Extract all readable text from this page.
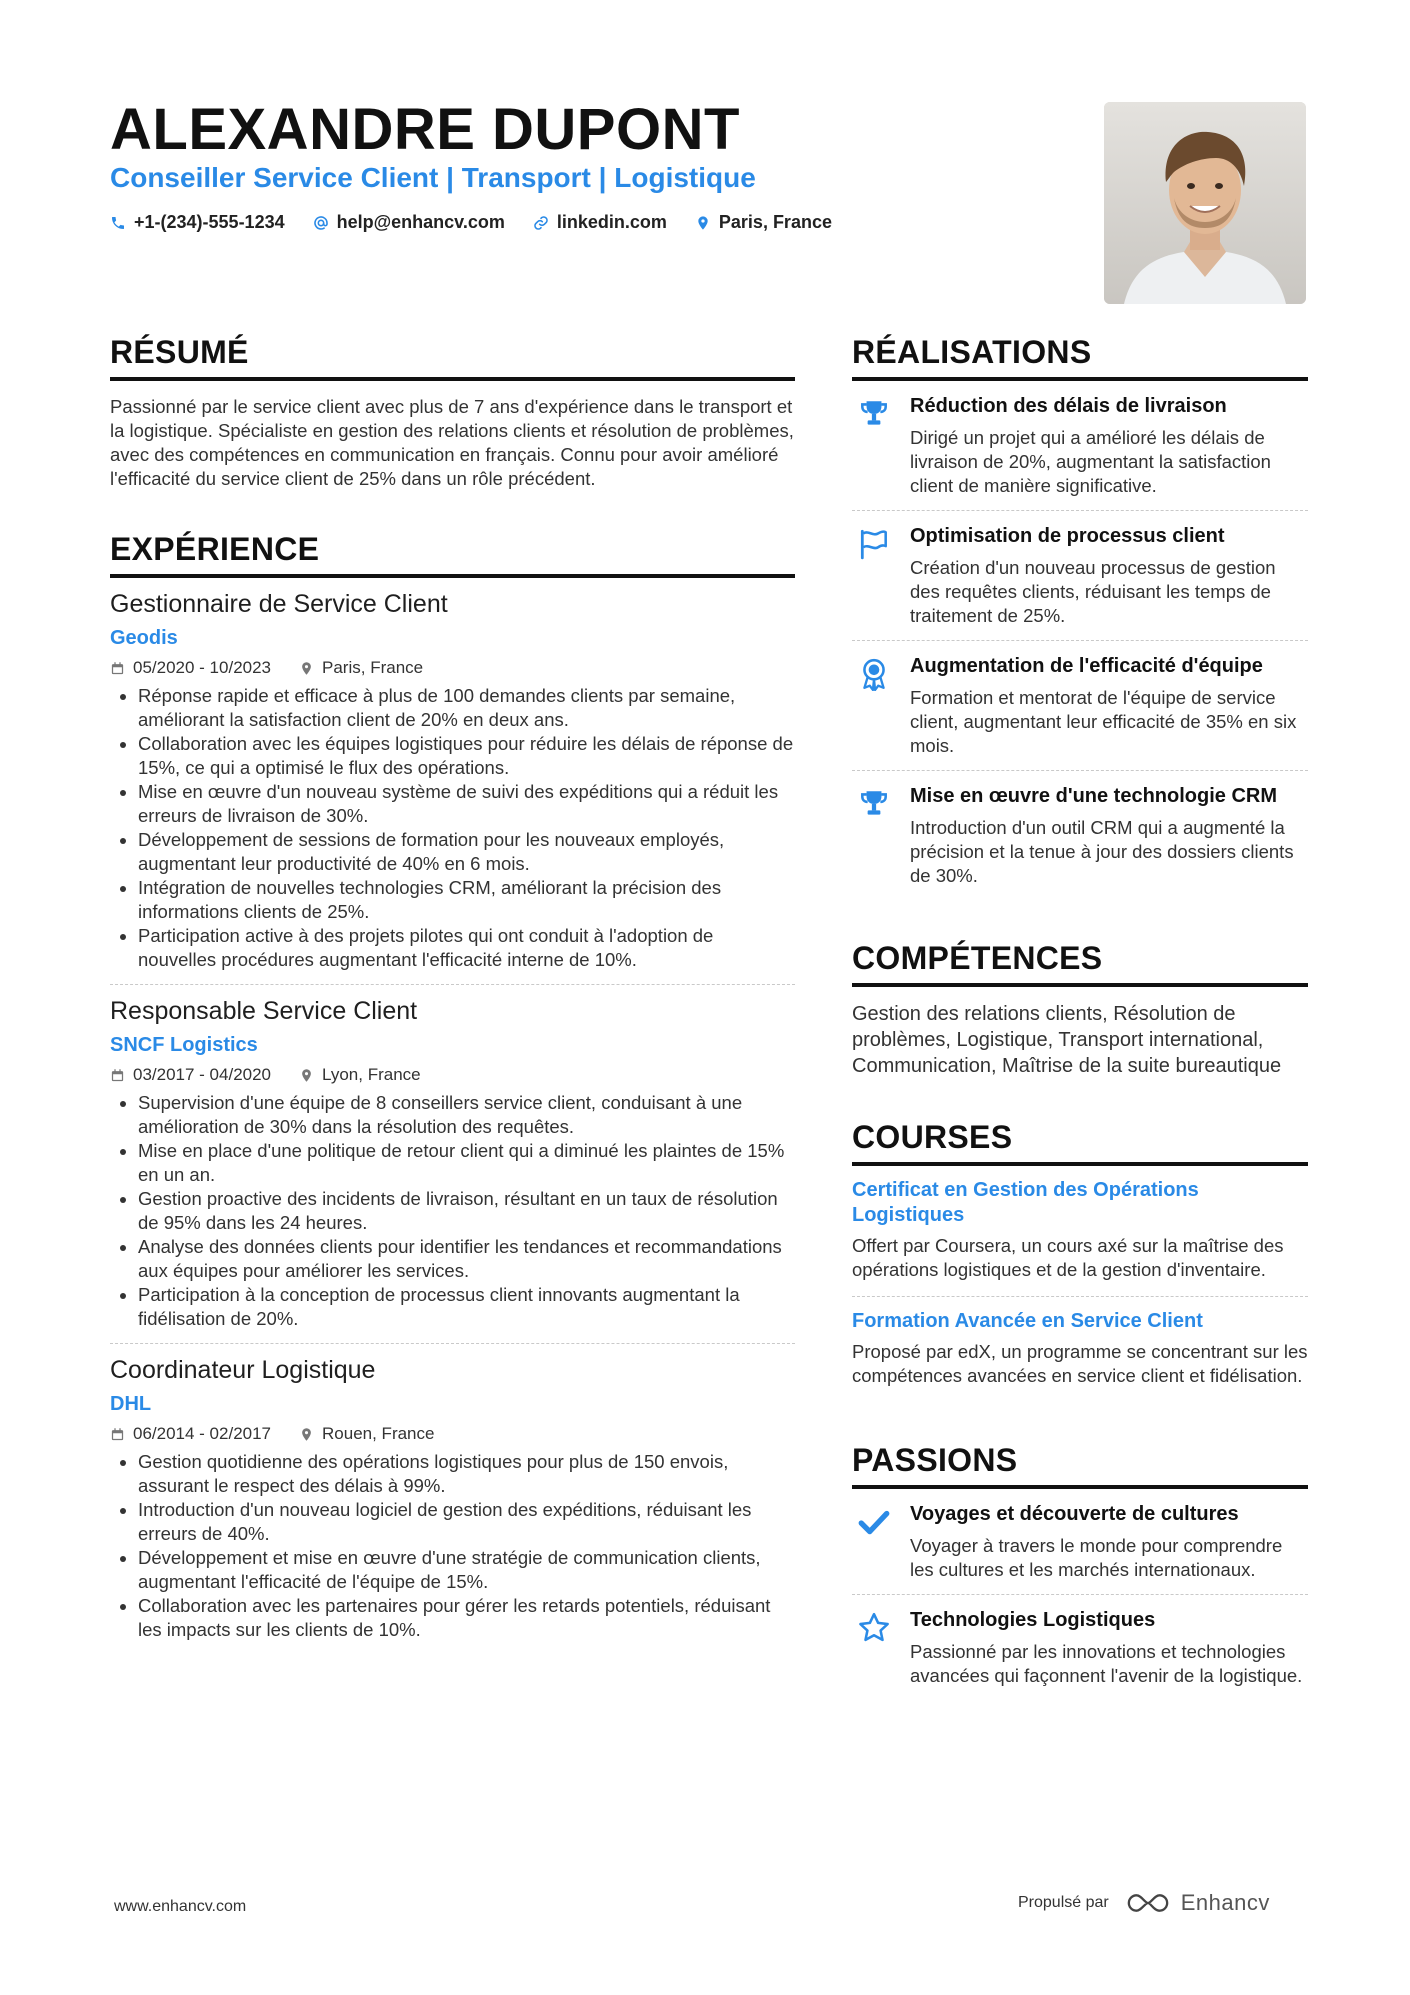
ALEXANDRE DUPONT
Conseiller Service Client | Transport | Logistique
+1-(234)-555-1234	help@enhancv.com	linkedin.com	Paris, France
RÉSUMÉ
Passionné par le service client avec plus de 7 ans d'expérience dans le transport et la logistique. Spécialiste en gestion des relations clients et résolution de problèmes, avec des compétences en communication en français. Connu pour avoir amélioré l'efficacité du service client de 25% dans un rôle précédent.
EXPÉRIENCE
Gestionnaire de Service Client
Geodis
05/2020 - 10/2023	Paris, France
• Réponse rapide et efficace à plus de 100 demandes clients par semaine, améliorant la satisfaction client de 20% en deux ans.
• Collaboration avec les équipes logistiques pour réduire les délais de réponse de 15%, ce qui a optimisé le flux des opérations.
• Mise en œuvre d'un nouveau système de suivi des expéditions qui a réduit les erreurs de livraison de 30%.
• Développement de sessions de formation pour les nouveaux employés, augmentant leur productivité de 40% en 6 mois.
• Intégration de nouvelles technologies CRM, améliorant la précision des informations clients de 25%.
• Participation active à des projets pilotes qui ont conduit à l'adoption de nouvelles procédures augmentant l'efficacité interne de 10%.
Responsable Service Client
SNCF Logistics
03/2017 - 04/2020	Lyon, France
• Supervision d'une équipe de 8 conseillers service client, conduisant à une amélioration de 30% dans la résolution des requêtes.
• Mise en place d'une politique de retour client qui a diminué les plaintes de 15% en un an.
• Gestion proactive des incidents de livraison, résultant en un taux de résolution de 95% dans les 24 heures.
• Analyse des données clients pour identifier les tendances et recommandations aux équipes pour améliorer les services.
• Participation à la conception de processus client innovants augmentant la fidélisation de 20%.
Coordinateur Logistique
DHL
06/2014 - 02/2017	Rouen, France
• Gestion quotidienne des opérations logistiques pour plus de 150 envois, assurant le respect des délais à 99%.
• Introduction d'un nouveau logiciel de gestion des expéditions, réduisant les erreurs de 40%.
• Développement et mise en œuvre d'une stratégie de communication clients, augmentant l'efficacité de l'équipe de 15%.
• Collaboration avec les partenaires pour gérer les retards potentiels, réduisant les impacts sur les clients de 10%.
RÉALISATIONS
Réduction des délais de livraison
Dirigé un projet qui a amélioré les délais de livraison de 20%, augmentant la satisfaction client de manière significative.
Optimisation de processus client
Création d'un nouveau processus de gestion des requêtes clients, réduisant les temps de traitement de 25%.
Augmentation de l'efficacité d'équipe
Formation et mentorat de l'équipe de service client, augmentant leur efficacité de 35% en six mois.
Mise en œuvre d'une technologie CRM
Introduction d'un outil CRM qui a augmenté la précision et la tenue à jour des dossiers clients de 30%.
COMPÉTENCES
Gestion des relations clients, Résolution de problèmes, Logistique, Transport international, Communication, Maîtrise de la suite bureautique
COURSES
Certificat en Gestion des Opérations Logistiques
Offert par Coursera, un cours axé sur la maîtrise des opérations logistiques et de la gestion d'inventaire.
Formation Avancée en Service Client
Proposé par edX, un programme se concentrant sur les compétences avancées en service client et fidélisation.
PASSIONS
Voyages et découverte de cultures
Voyager à travers le monde pour comprendre les cultures et les marchés internationaux.
Technologies Logistiques
Passionné par les innovations et technologies avancées qui façonnent l'avenir de la logistique.
www.enhancv.com	Propulsé par	Enhancv
